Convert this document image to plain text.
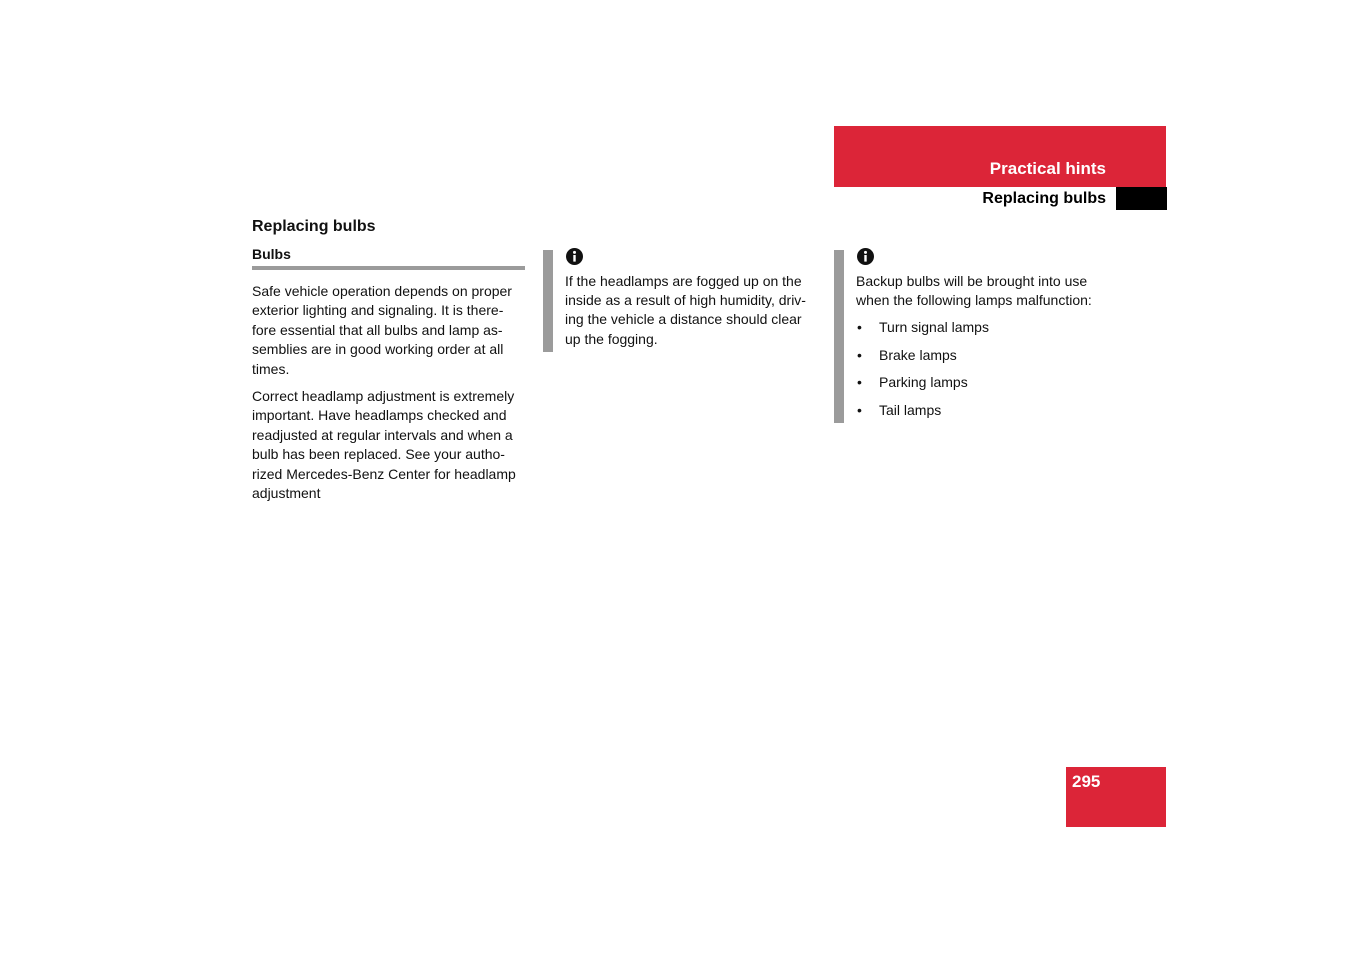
Practical hints
Replacing bulbs
Replacing bulbs
Bulbs

Safe vehicle operation depends on proper exterior lighting and signaling. It is there-fore essential that all bulbs and lamp as-semblies are in good working order at all times.

Correct headlamp adjustment is extremely important. Have headlamps checked and readjusted at regular intervals and when a bulb has been replaced. See your autho-rized Mercedes-Benz Center for headlamp adjustment

If the headlamps are fogged up on the inside as a result of high humidity, driv-ing the vehicle a distance should clear up the fogging.

Backup bulbs will be brought into use when the following lamps malfunction:

• Turn signal lamps
• Brake lamps
• Parking lamps
• Tail lamps
295
